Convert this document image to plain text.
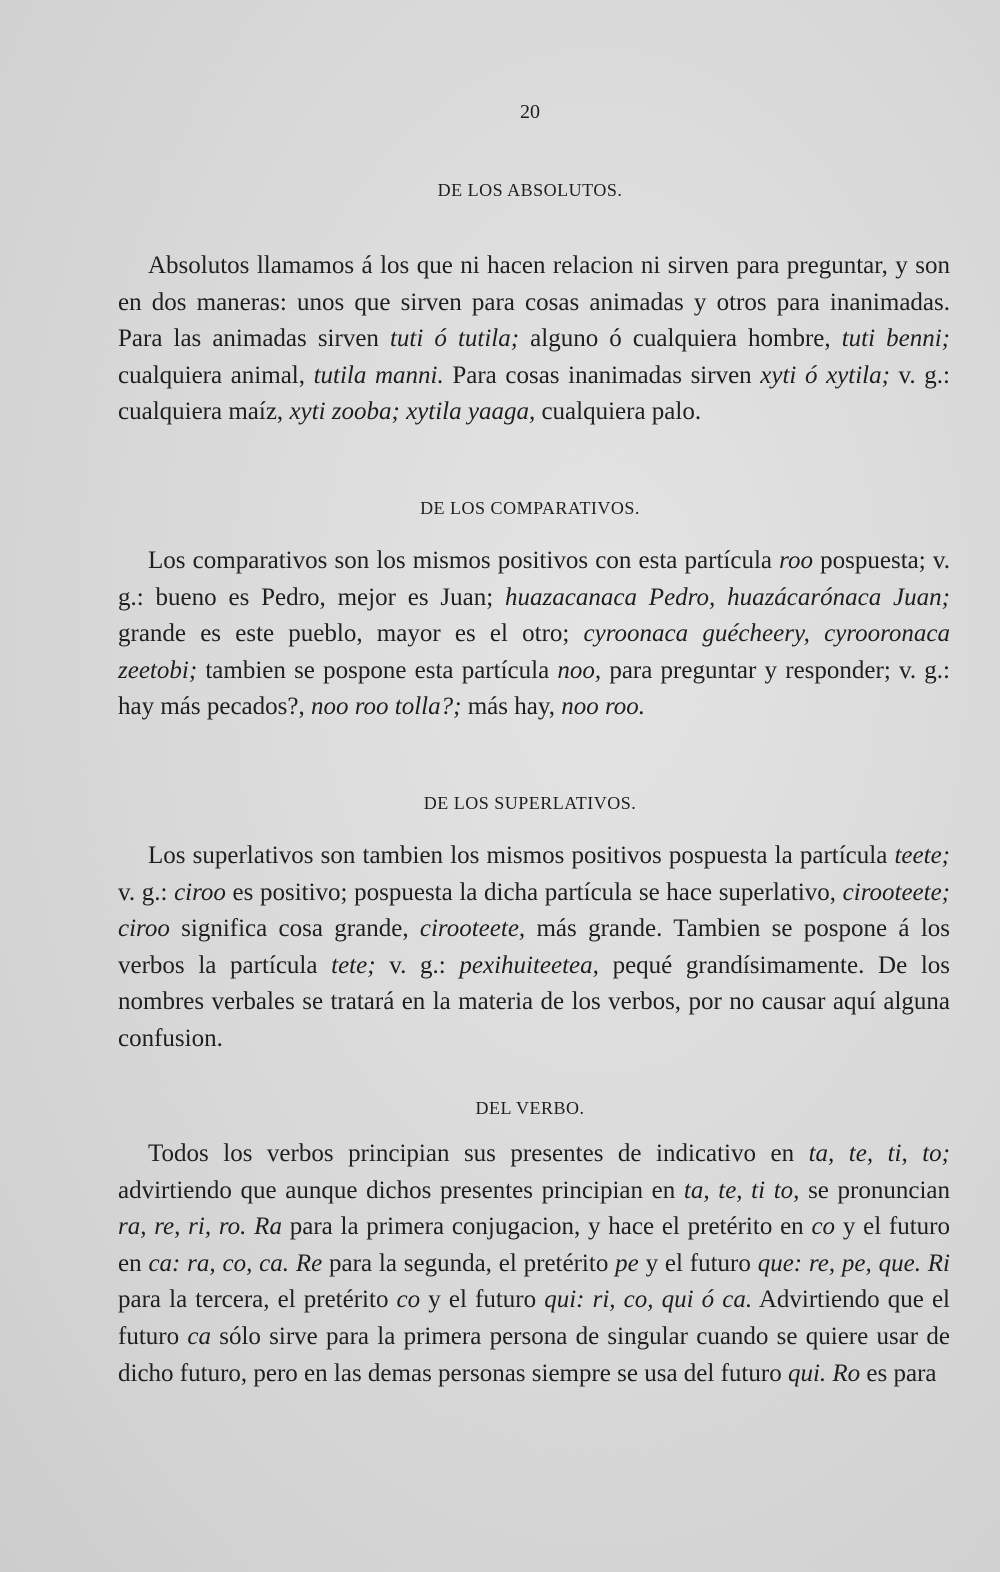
20

DE LOS ABSOLUTOS.

Absolutos llamamos á los que ni hacen relacion ni sirven para preguntar, y son en dos maneras: unos que sirven para cosas animadas y otros para inanimadas. Para las animadas sirven tuti ó tutila; alguno ó cualquiera hombre, tuti benni; cualquiera animal, tutila manni. Para cosas inanimadas sirven xyti ó xytila; v. g.: cualquiera maíz, xyti zooba; xytila yaaga, cualquiera palo.

DE LOS COMPARATIVOS.

Los comparativos son los mismos positivos con esta partícula roo pospuesta; v. g.: bueno es Pedro, mejor es Juan; huazacanaca Pedro, huazácarónaca Juan; grande es este pueblo, mayor es el otro; cyroonaca guécheery, cyrooronaca zeetobi; tambien se pospone esta partícula noo, para preguntar y responder; v. g.: hay más pecados?, noo roo tolla?; más hay, noo roo.

DE LOS SUPERLATIVOS.

Los superlativos son tambien los mismos positivos pospuesta la partícula teete; v. g.: ciroo es positivo; pospuesta la dicha partícula se hace superlativo, cirooteete; ciroo significa cosa grande, cirooteete, más grande. Tambien se pospone á los verbos la partícula tete; v. g.: pexihuiteetea, pequé grandísimamente. De los nombres verbales se tratará en la materia de los verbos, por no causar aquí alguna confusion.

DEL VERBO.

Todos los verbos principian sus presentes de indicativo en ta, te, ti, to; advirtiendo que aunque dichos presentes principian en ta, te, ti to, se pronuncian ra, re, ri, ro. Ra para la primera conjugacion, y hace el pretérito en co y el futuro en ca: ra, co, ca. Re para la segunda, el pretérito pe y el futuro que: re, pe, que. Ri para la tercera, el pretérito co y el futuro qui: ri, co, qui ó ca. Advirtiendo que el futuro ca sólo sirve para la primera persona de singular cuando se quiere usar de dicho futuro, pero en las demas personas siempre se usa del futuro qui. Ro es para
